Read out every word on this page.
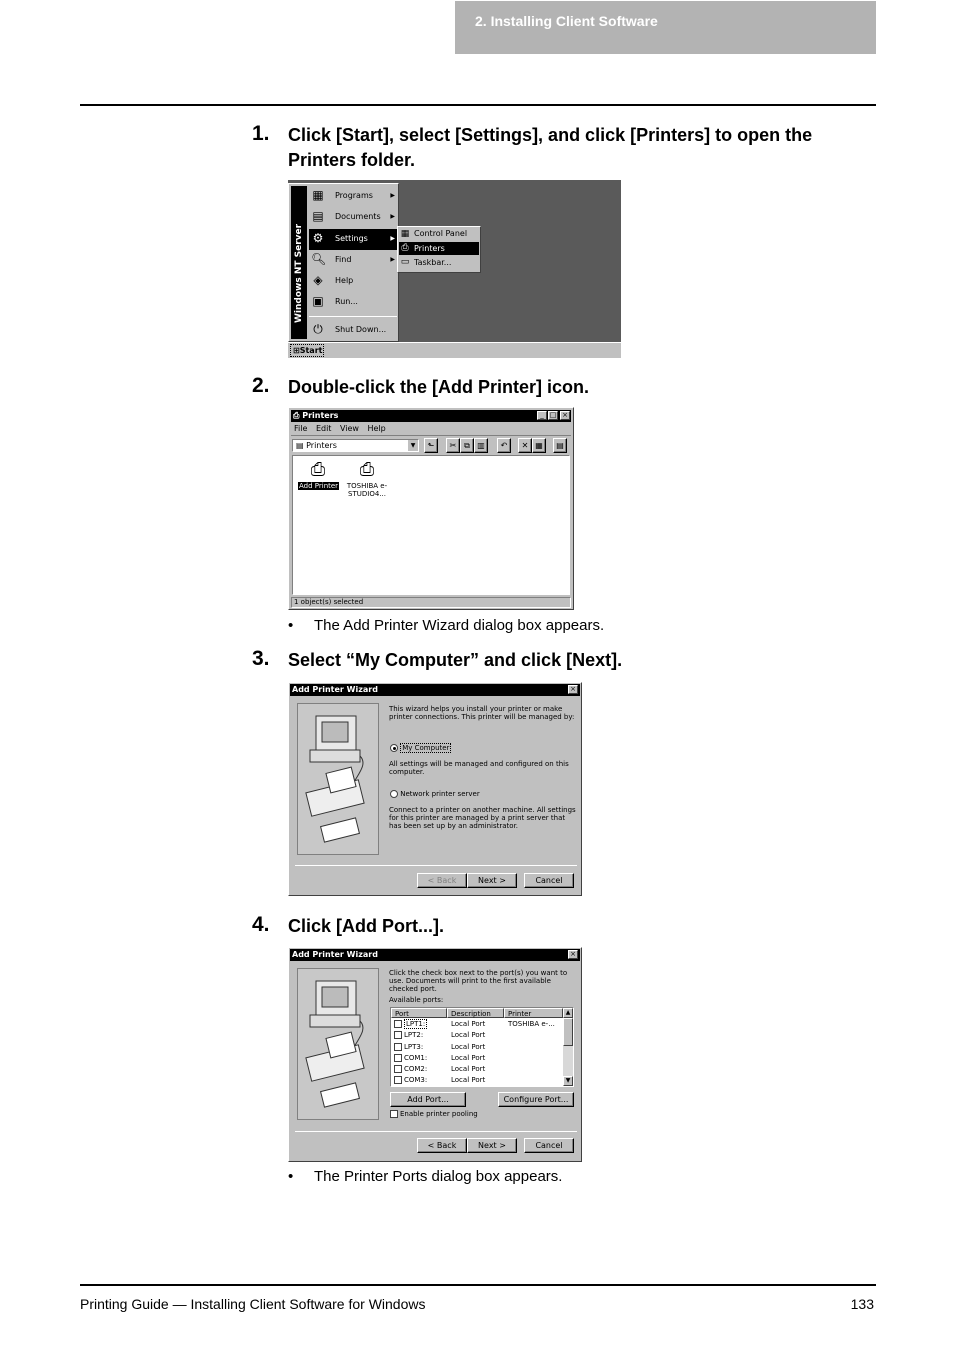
2. Installing Client Software
1. Click [Start], select [Settings], and click [Printers] to open the Printers folder.
Windows NT Server
▦ Programs	▶
▤ Documents ▶
⚙ Settings	▶
🔍︎ Find	▶
◈ Help
▣ Run...
⏻ Shut Down...
▦ Control Panel
⎙ Printers
▭ Taskbar...
⊞Start
2. Double-click the [Add Printer] icon.
⎙ Printers	_ □ ×
File Edit View Help
▤ Printers	▼	⬑	✂ ⧉ ▥	↶	✕ ▦	▤
⎙
Add Printer
⎙
TOSHIBA e-STUDIO4...
1 object(s) selected
• The Add Printer Wizard dialog box appears.
3. Select “My Computer” and click [Next].
Add Printer Wizard	×
This wizard helps you install your printer or make printer connections. This printer will be managed by:
My Computer
All settings will be managed and configured on this computer.
Network printer server
Connect to a printer on another machine. All settings for this printer are managed by a print server that has been set up by an administrator.
< Back	Next >	Cancel
4. Click [Add Port...].
Add Printer Wizard	×
Click the check box next to the port(s) you want to use. Documents will print to the first available checked port.
Available ports:
Port	Description	Printer
LPT1:	Local Port	TOSHIBA e-...
LPT2:	Local Port
LPT3:	Local Port
COM1:	Local Port
COM2:	Local Port
COM3:	Local Port
▲
▼
Add Port...	Configure Port...
Enable printer pooling
< Back	Next >	Cancel
• The Printer Ports dialog box appears.
Printing Guide — Installing Client Software for Windows	133
